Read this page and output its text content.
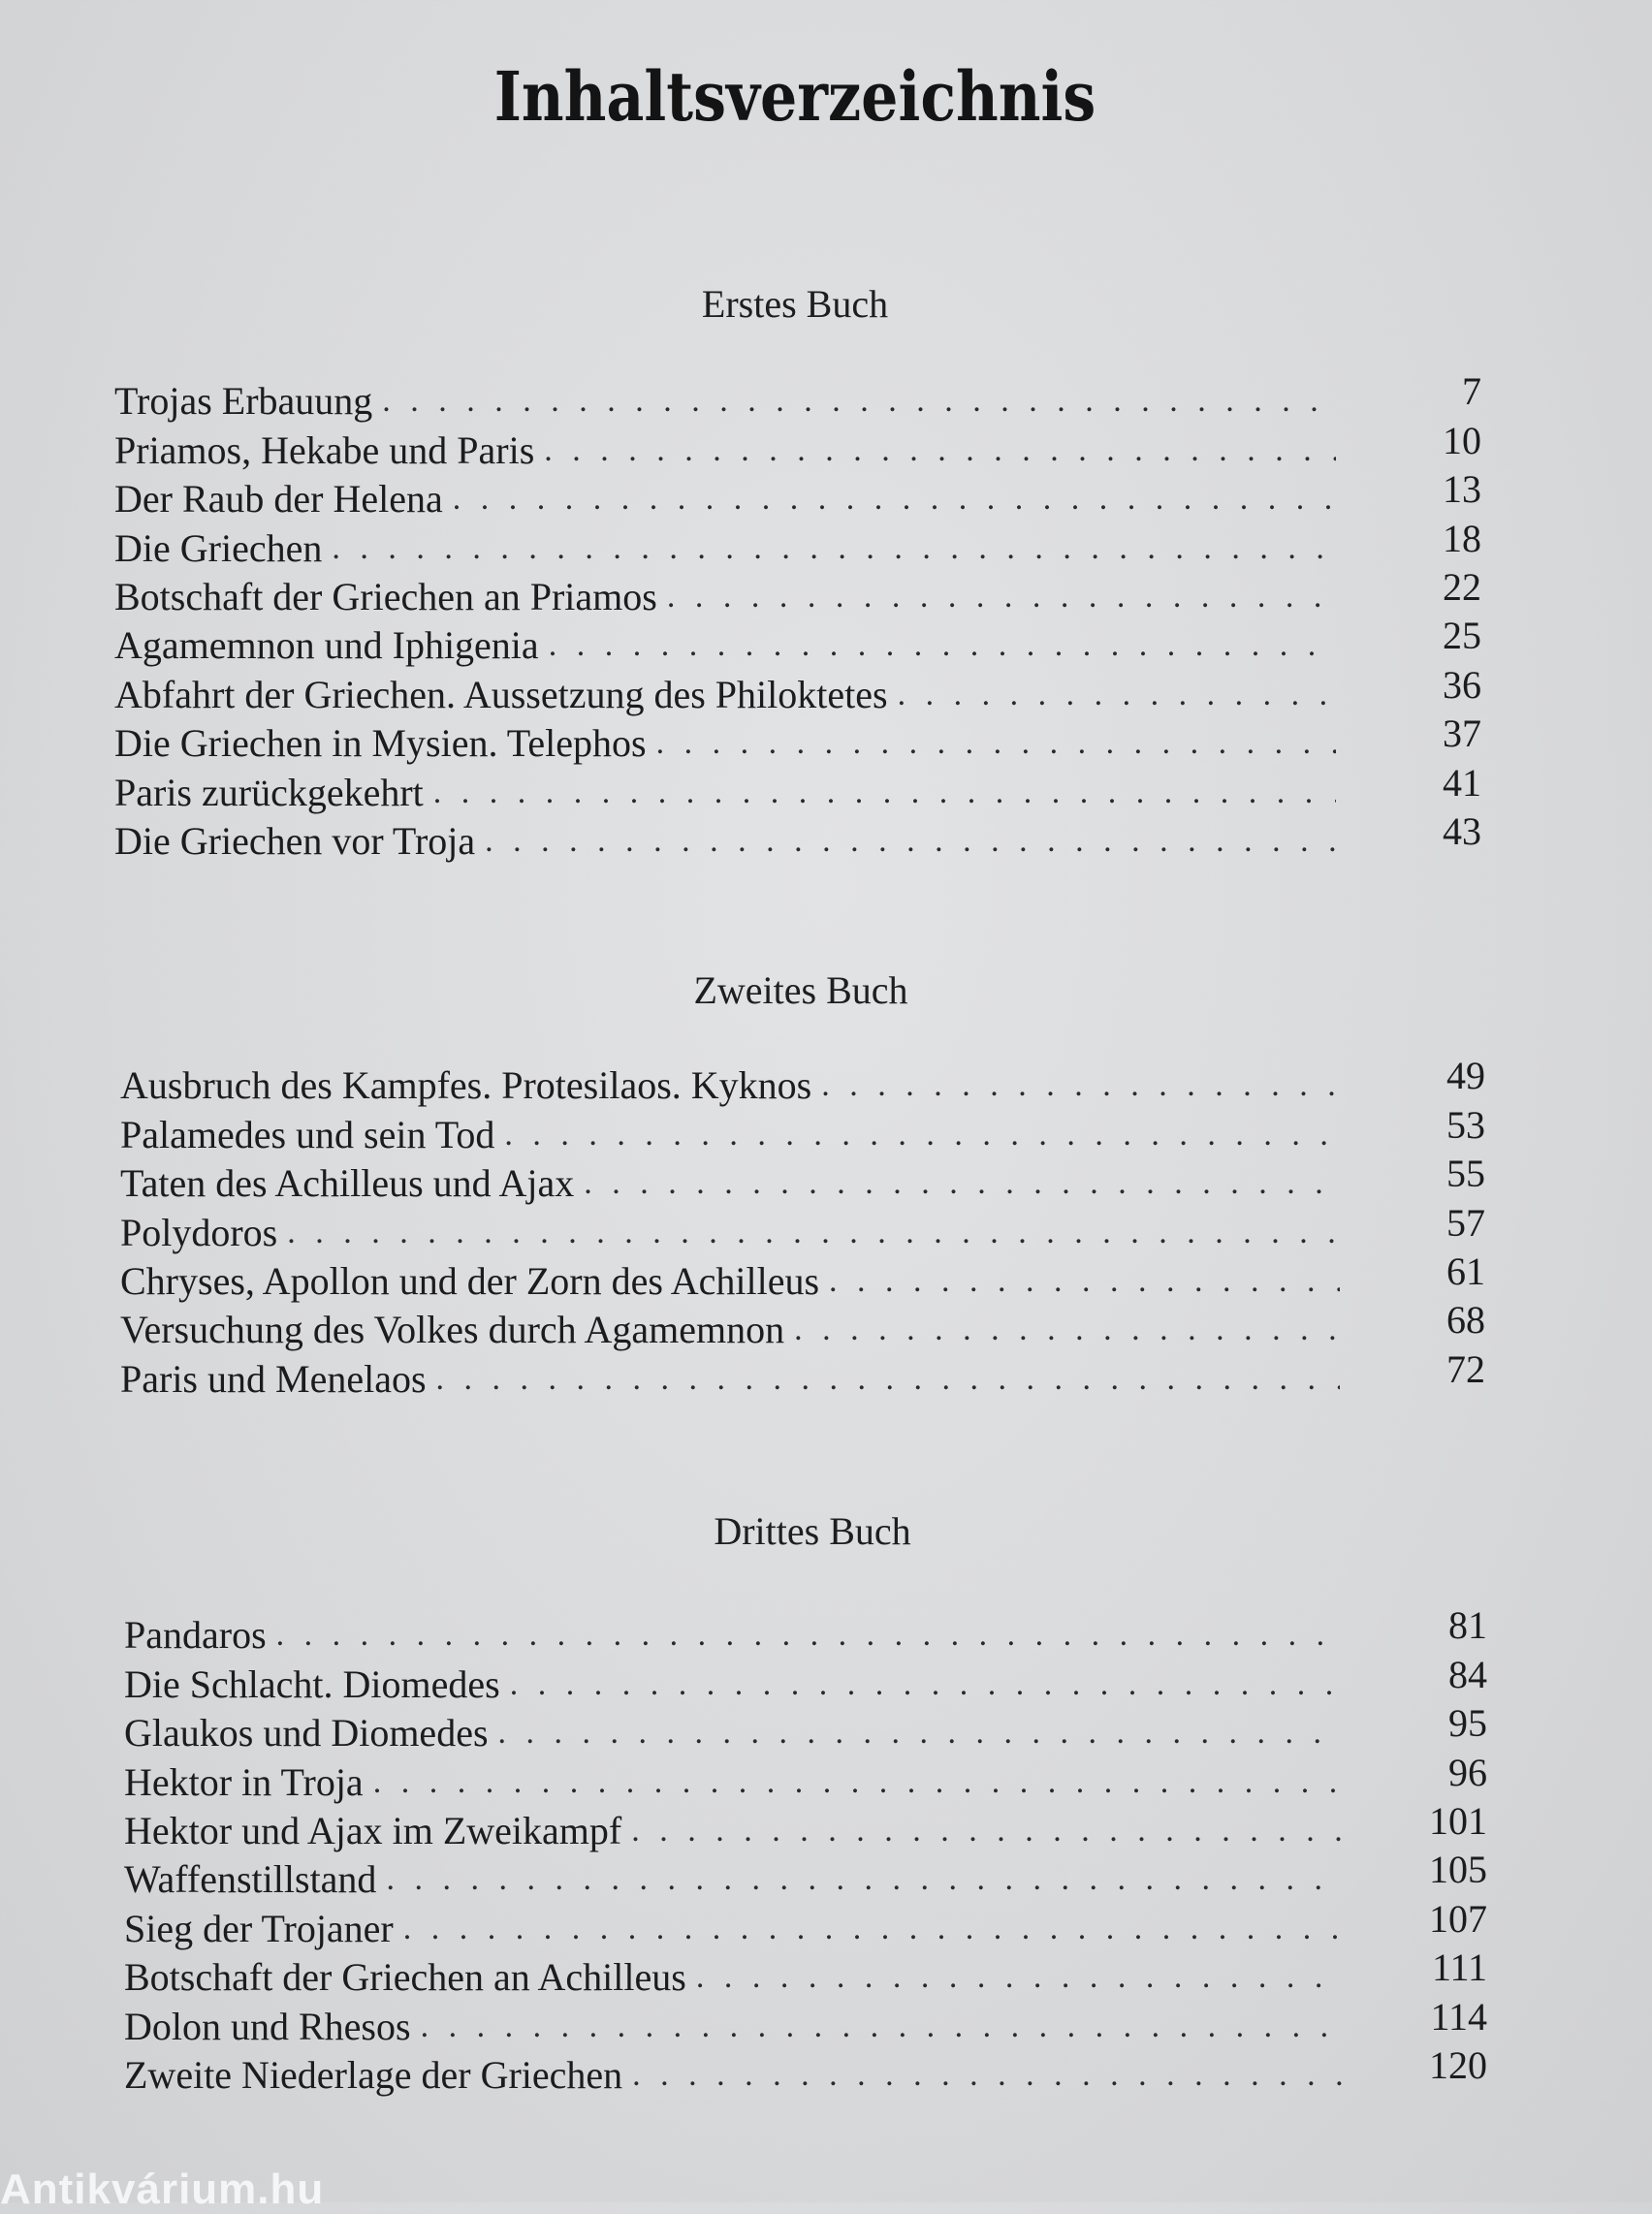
Inhaltsverzeichnis
Erstes Buch
Trojas Erbauung . . .	7
Priamos, Hekabe und Paris . . .	10
Der Raub der Helena . . .	13
Die Griechen . . .	18
Botschaft der Griechen an Priamos . . .	22
Agamemnon und Iphigenia . . .	25
Abfahrt der Griechen. Aussetzung des Philoktetes . . .	36
Die Griechen in Mysien. Telephos . . .	37
Paris zurückgekehrt . . .	41
Die Griechen vor Troja . . .	43
Zweites Buch
Ausbruch des Kampfes. Protesilaos. Kyknos . . .	49
Palamedes und sein Tod . . .	53
Taten des Achilleus und Ajax . . .	55
Polydoros . . .	57
Chryses, Apollon und der Zorn des Achilleus . . .	61
Versuchung des Volkes durch Agamemnon . . .	68
Paris und Menelaos . . .	72
Drittes Buch
Pandaros . . .	81
Die Schlacht. Diomedes . . .	84
Glaukos und Diomedes . . .	95
Hektor in Troja . . .	96
Hektor und Ajax im Zweikampf . . .	101
Waffenstillstand . . .	105
Sieg der Trojaner . . .	107
Botschaft der Griechen an Achilleus . . .	111
Dolon und Rhesos . . .	114
Zweite Niederlage der Griechen . . .	120
Antikvárium.hu
